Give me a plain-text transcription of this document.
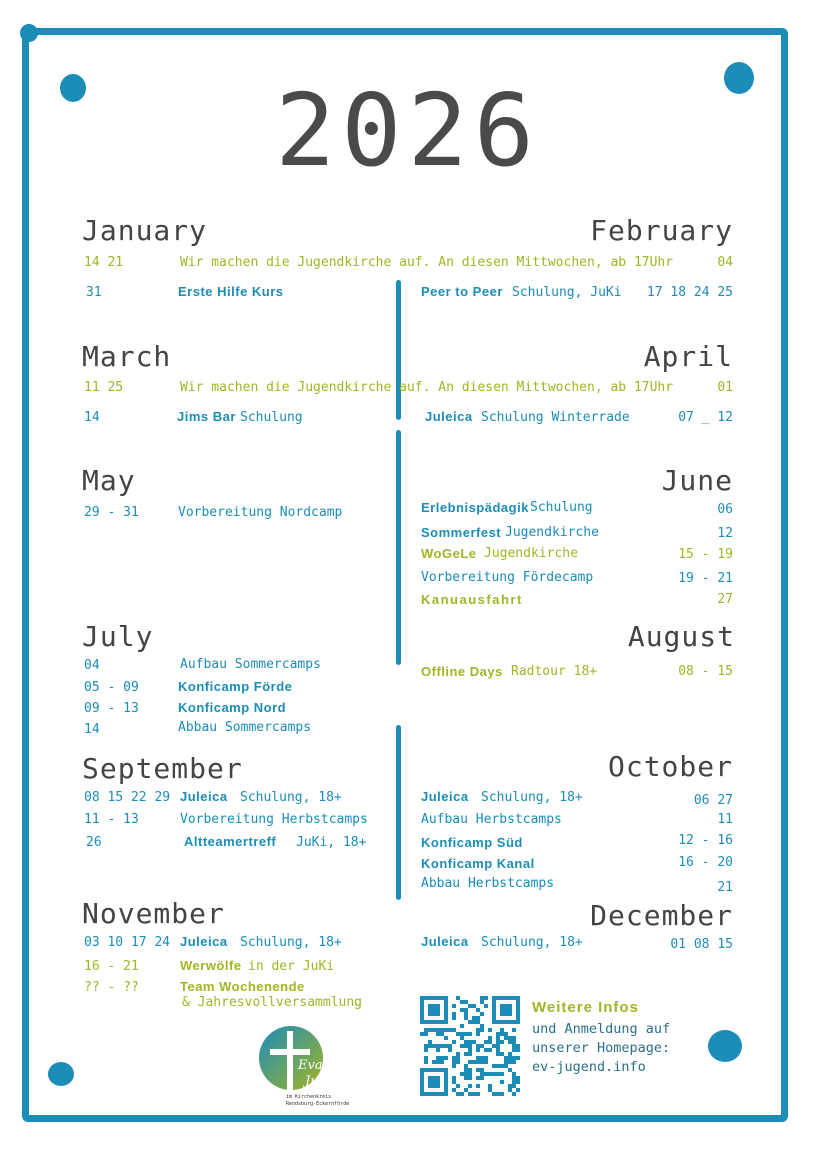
2026
January	February
14 21	Wir machen die Jugendkirche auf. An diesen Mittwochen, ab 17Uhr	04
31	Erste Hilfe Kurs	Peer to Peer Schulung, JuKi 17 18 24 25
March	April
11 25	Wir machen die Jugendkirche auf. An diesen Mittwochen, ab 17Uhr	01
14	Jims Bar Schulung	Juleica Schulung Winterrade	07 _ 12
May	June
29 - 31	Vorbereitung Nordcamp	Erlebnispädagik Schulung	06
Sommerfest Jugendkirche	12
WoGeLe Jugendkirche	15 - 19
Vorbereitung Fördecamp	19 - 21
Kanuausfahrt	27
July	August
04	Aufbau Sommercamps
05 - 09	Konficamp Förde
09 - 13	Konficamp Nord
14	Abbau Sommercamps
Offline Days Radtour 18+	08 - 15
September	October
08 15 22 29 Juleica Schulung, 18+
11 - 13	Vorbereitung Herbstcamps
26	Altteamertreff JuKi, 18+
Juleica Schulung, 18+	06 27
Aufbau Herbstcamps	11
Konficamp Süd	12 - 16
Konficamp Kanal	16 - 20
Abbau Herbstcamps	21
November	December
03 10 17 24 Juleica Schulung, 18+
16 - 21	Werwölfe in der JuKi
?? - ??	Team Wochenende
& Jahresvollversammlung
Juleica Schulung, 18+	01 08 15
Evangelische
Jugend
im Kirchenkreis
Rendsburg-Eckernförde
Weitere Infos
und Anmeldung auf
unserer Homepage:
ev-jugend.info
